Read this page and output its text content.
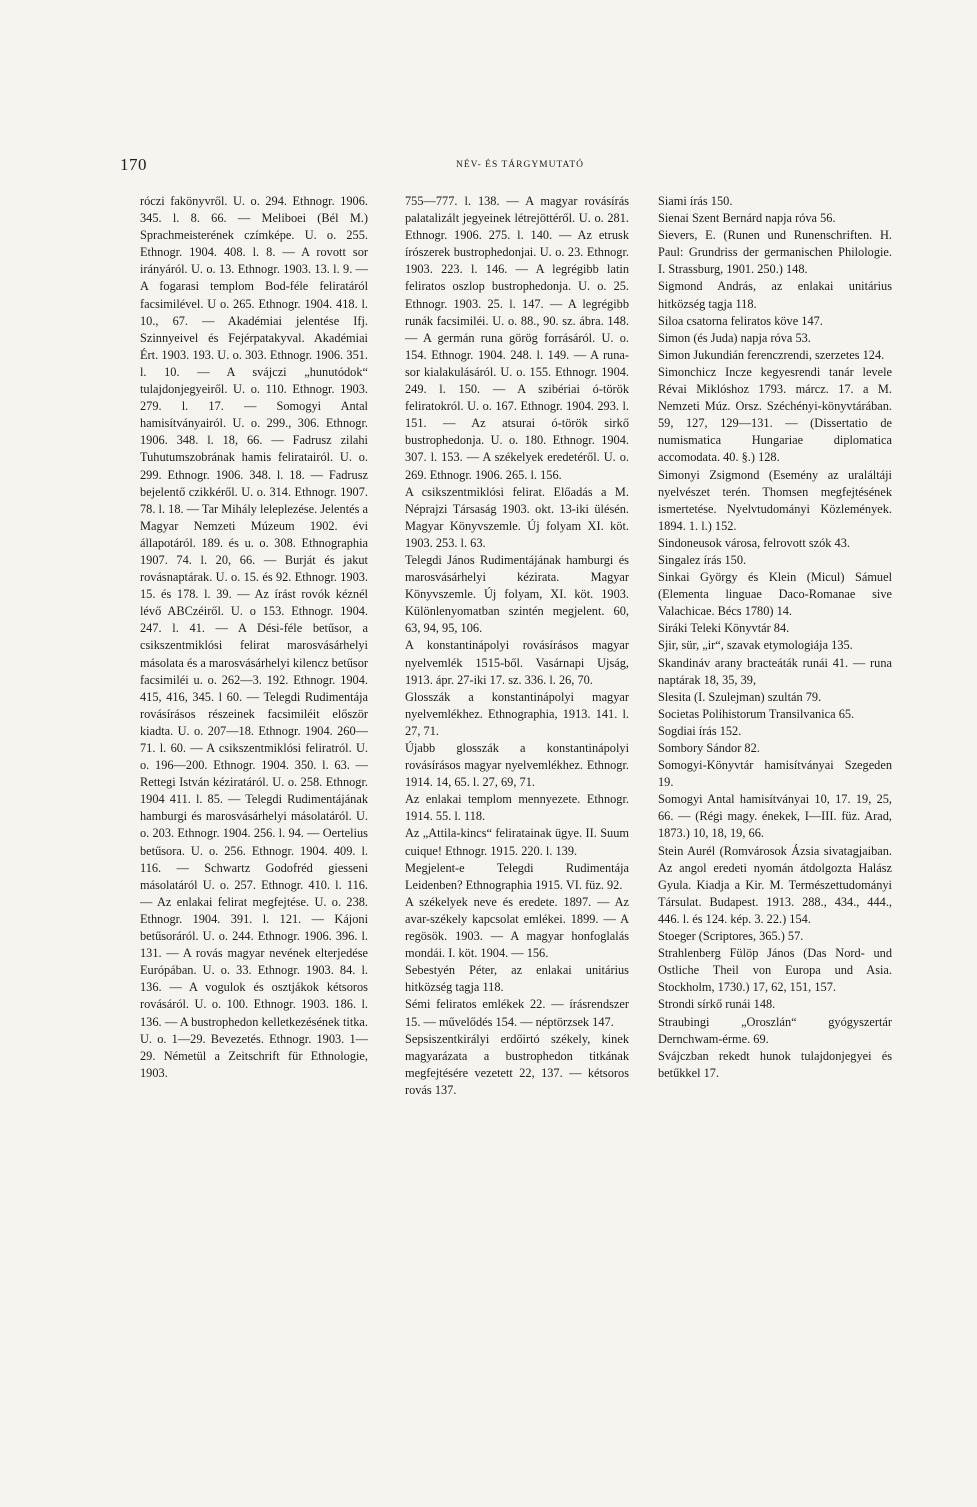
170	NÉV- ÉS TÁRGYMUTATÓ

róczi fakönyvről. U. o. 294. Ethnogr. 1906. 345. l. 8. 66. — Meliboei (Bél M.) Sprachmeisterének czímképe. U. o. 255. Ethnogr. 1904. 408. l. 8. — A rovott sor irányáról. U. o. 13. Ethnogr. 1903. 13. l. 9. — A fogarasi templom Bod-féle feliratáról facsimilével. U o. 265. Ethnogr. 1904. 418. l. 10., 67. — Akadémiai jelentése Ifj. Szinnyeivel és Fejérpatakyval. Akadémiai Ért. 1903. 193. U. o. 303. Ethnogr. 1906. 351. l. 10. — A svájczi „hunutódok“ tulajdonjegyeiről. U. o. 110. Ethnogr. 1903. 279. l. 17. — Somogyi Antal hamisítványairól. U. o. 299., 306. Ethnogr. 1906. 348. l. 18, 66. — Fadrusz zilahi Tuhutumszobrának hamis feliratairól. U. o. 299. Ethnogr. 1906. 348. l. 18. — Fadrusz bejelentő czikkéről. U. o. 314. Ethnogr. 1907. 78. l. 18. — Tar Mihály leleplezése. Jelentés a Magyar Nemzeti Múzeum 1902. évi állapotáról. 189. és u. o. 308. Ethnographia 1907. 74. l. 20, 66. — Burját és jakut rovásnaptárak. U. o. 15. és 92. Ethnogr. 1903. 15. és 178. l. 39. — Az írást rovók kéznél lévő ABCzéiről. U. o 153. Ethnogr. 1904. 247. l. 41. — A Dési-féle betűsor, a csikszentmiklósi felirat marosvásárhelyi másolata és a marosvásárhelyi kilencz betűsor facsimiléi u. o. 262—3. 192. Ethnogr. 1904. 415, 416, 345. l 60. — Telegdi Rudimentája rovásírásos részeinek facsimiléit először kiadta. U. o. 207—18. Ethnogr. 1904. 260—71. l. 60. — A csikszentmiklósi feliratról. U. o. 196—200. Ethnogr. 1904. 350. l. 63. — Rettegi István kéziratáról. U. o. 258. Ethnogr. 1904 411. l. 85. — Telegdi Rudimentájának hamburgi és marosvásárhelyi másolatáról. U. o. 203. Ethnogr. 1904. 256. l. 94. — Oertelius betűsora. U. o. 256. Ethnogr. 1904. 409. l. 116. — Schwartz Godofréd giesseni másolatáról U. o. 257. Ethnogr. 410. l. 116. — Az enlakai felirat megfejtése. U. o. 238. Ethnogr. 1904. 391. l. 121. — Kájoni betűsoráról. U. o. 244. Ethnogr. 1906. 396. l. 131. — A rovás magyar nevének elterjedése Európában. U. o. 33. Ethnogr. 1903. 84. l. 136. — A vogulok és osztjákok kétsoros rovásáról. U. o. 100. Ethnogr. 1903. 186. l. 136. — A bustrophedon kelletkezésének titka. U. o. 1—29. Bevezetés. Ethnogr. 1903. 1—29. Németül a Zeitschrift für Ethnologie, 1903.

755—777. l. 138. — A magyar rovásírás palatalizált jegyeinek létrejöttéről. U. o. 281. Ethnogr. 1906. 275. l. 140. — Az etrusk írószerek bustrophedonjai. U. o. 23. Ethnogr. 1903. 223. l. 146. — A legrégibb latin feliratos oszlop bustrophedonja. U. o. 25. Ethnogr. 1903. 25. l. 147. — A legrégibb runák facsimiléi. U. o. 88., 90. sz. ábra. 148. — A germán runa görög forrásáról. U. o. 154. Ethnogr. 1904. 248. l. 149. — A runa-sor kialakulásáról. U. o. 155. Ethnogr. 1904. 249. l. 150. — A szibériai ó-török feliratokról. U. o. 167. Ethnogr. 1904. 293. l. 151. — Az atsurai ó-török sirkő bustrophedonja. U. o. 180. Ethnogr. 1904. 307. l. 153. — A székelyek eredetéről. U. o. 269. Ethnogr. 1906. 265. l. 156.

A csikszentmiklósi felirat. Előadás a M. Néprajzi Társaság 1903. okt. 13-iki ülésén. Magyar Könyvszemle. Új folyam XI. köt. 1903. 253. l. 63.

Telegdi János Rudimentájának hamburgi és marosvásárhelyi kézirata. Magyar Könyvszemle. Új folyam, XI. köt. 1903. Különlenyomatban szintén megjelent. 60, 63, 94, 95, 106.

A konstantinápolyi rovásírásos magyar nyelvemlék 1515-ből. Vasárnapi Ujság, 1913. ápr. 27-iki 17. sz. 336. l. 26, 70.

Glosszák a konstantinápolyi magyar nyelvemlékhez. Ethnographia, 1913. 141. l. 27, 71.

Újabb glosszák a konstantinápolyi rovásírásos magyar nyelvemlékhez. Ethnogr. 1914. 14, 65. l. 27, 69, 71.

Az enlakai templom mennyezete. Ethnogr. 1914. 55. l. 118.

Az „Attila-kincs“ feliratainak ügyе. II. Suum cuique! Ethnogr. 1915. 220. l. 139.

Megjelent-e Telegdi Rudimentája Leidenben? Ethnographia 1915. VI. füz. 92.

A székelyek neve és eredete. 1897. — Az avar-székely kapcsolat emlékei. 1899. — A regösök. 1903. — A magyar honfoglalás mondái. I. köt. 1904. — 156.

Sebestyén Péter, az enlakai unitárius hitközség tagja 118.

Sémi feliratos emlékek 22. — írásrendszer 15. — művelődés 154. — néptörzsek 147.

Sepsiszentkirályi erdőirtó székely, kinek magyarázata a bustrophedon titkának megfejtésére vezetett 22, 137. — kétsoros rovás 137.

Siami írás 150.

Sienai Szent Bernárd napja róva 56.

Sievers, E. (Runen und Runenschriften. H. Paul: Grundriss der germanischen Philologie. I. Strassburg, 1901. 250.) 148.

Sigmond András, az enlakai unitárius hitközség tagja 118.

Siloa csatorna feliratos köve 147.

Simon (és Juda) napja róva 53.

Simon Jukundián ferenczrendi, szerzetes 124.

Simonchicz Incze kegyesrendi tanár levele Révai Miklóshoz 1793. márcz. 17. a M. Nemzeti Múz. Orsz. Széchényi-könyvtárában. 59, 127, 129—131. — (Dissertatio de numismatica Hungariae diplomatica accomodata. 40. §.) 128.

Simonyi Zsigmond (Esemény az uraláltáji nyelvészet terén. Thomsen megfejtésének ismertetése. Nyelvtudományi Közlemények. 1894. 1. l.) 152.

Sindoneusok városa, felrovott szók 43.

Singalez írás 150.

Sinkai György és Klein (Micul) Sámuel (Elementa linguae Daco-Romanae sive Valachicae. Bécs 1780) 14.

Siráki Teleki Könyvtár 84.

Sjir, sür, „ir“, szavak etymologiája 135.

Skandináv arany bracteáták runái 41. — runa naptárak 18, 35, 39,

Slesita (I. Szulejman) szultán 79.

Societas Polihistorum Transilvanica 65.

Sogdiai írás 152.

Sombory Sándor 82.

Somogyi-Könyvtár hamisítványai Szegeden 19.

Somogyi Antal hamisítványai 10, 17. 19, 25, 66. — (Régi magy. énekek, I—III. füz. Arad, 1873.) 10, 18, 19, 66.

Stein Aurél (Romvárosok Ázsia sivatagjaiban. Az angol eredeti nyomán átdolgozta Halász Gyula. Kiadja a Kir. M. Természettudományi Társulat. Budapest. 1913. 288., 434., 444., 446. l. és 124. kép. 3. 22.) 154.

Stoeger (Scriptores, 365.) 57.

Strahlenberg Fülöp János (Das Nord- und Ostliche Theil von Europa und Asia. Stockholm, 1730.) 17, 62, 151, 157.

Strondi sírkő runái 148.

Straubingi „Oroszlán“ gyógyszertár Dernchwam-érme. 69.

Svájczban rekedt hunok tulajdonjegyei és betűkkel 17.
